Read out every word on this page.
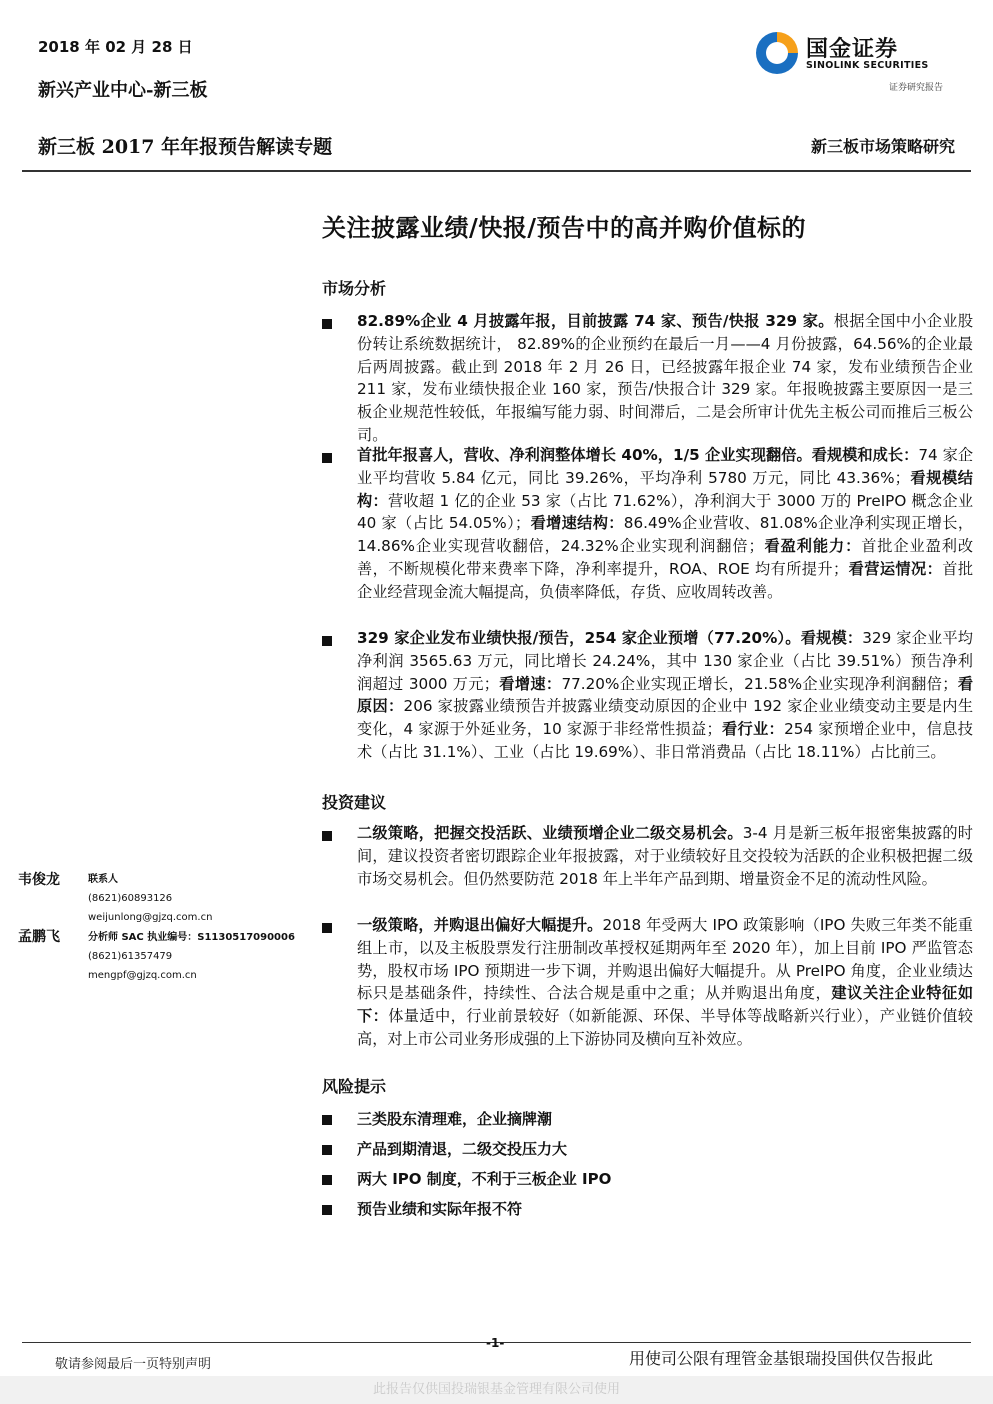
2018 年 02 月 28 日
新兴产业中心-新三板
新三板 2017 年年报预告解读专题	新三板市场策略研究
国金证券
SINOLINK SECURITIES
证券研究报告
关注披露业绩/快报/预告中的高并购价值标的
市场分析
82.89%企业 4 月披露年报，目前披露 74 家、预告/快报 329 家。根据全国中小企业股份转让系统数据统计， 82.89%的企业预约在最后一月——4 月份披露，64.56%的企业最后两周披露。截止到 2018 年 2 月 26 日，已经披露年报企业 74 家，发布业绩预告企业 211 家，发布业绩快报企业 160 家，预告/快报合计 329 家。年报晚披露主要原因一是三板企业规范性较低，年报编写能力弱、时间滞后，二是会所审计优先主板公司而推后三板公司。
首批年报喜人，营收、净利润整体增长 40%，1/5 企业实现翻倍。看规模和成长：74 家企业平均营收 5.84 亿元，同比 39.26%，平均净利 5780 万元，同比 43.36%；看规模结构：营收超 1 亿的企业 53 家（占比 71.62%），净利润大于 3000 万的 PreIPO 概念企业 40 家（占比 54.05%）；看增速结构：86.49%企业营收、81.08%企业净利实现正增长，14.86%企业实现营收翻倍，24.32%企业实现利润翻倍；看盈利能力：首批企业盈利改善，不断规模化带来费率下降，净利率提升，ROA、ROE 均有所提升；看营运情况：首批企业经营现金流大幅提高，负债率降低，存货、应收周转改善。
329 家企业发布业绩快报/预告，254 家企业预增（77.20%）。看规模：329 家企业平均净利润 3565.63 万元，同比增长 24.24%，其中 130 家企业（占比 39.51%）预告净利润超过 3000 万元；看增速：77.20%企业实现正增长，21.58%企业实现净利润翻倍；看原因：206 家披露业绩预告并披露业绩变动原因的企业中 192 家企业业绩变动主要是内生变化，4 家源于外延业务，10 家源于非经常性损益；看行业：254 家预增企业中，信息技术（占比 31.1%）、工业（占比 19.69%）、非日常消费品（占比 18.11%）占比前三。
投资建议
二级策略，把握交投活跃、业绩预增企业二级交易机会。3-4 月是新三板年报密集披露的时间，建议投资者密切跟踪企业年报披露，对于业绩较好且交投较为活跃的企业积极把握二级市场交易机会。但仍然要防范 2018 年上半年产品到期、增量资金不足的流动性风险。
一级策略，并购退出偏好大幅提升。2018 年受两大 IPO 政策影响（IPO 失败三年类不能重组上市，以及主板股票发行注册制改革授权延期两年至 2020 年），加上目前 IPO 严监管态势，股权市场 IPO 预期进一步下调，并购退出偏好大幅提升。从 PreIPO 角度，企业业绩达标只是基础条件，持续性、合法合规是重中之重；从并购退出角度，建议关注企业特征如下：体量适中，行业前景较好（如新能源、环保、半导体等战略新兴行业），产业链价值较高，对上市公司业务形成强的上下游协同及横向互补效应。
风险提示
三类股东清理难，企业摘牌潮
产品到期清退，二级交投压力大
两大 IPO 制度，不利于三板企业 IPO
预告业绩和实际年报不符
韦俊龙	联系人
(8621)60893126
weijunlong@gjzq.com.cn
孟鹏飞	分析师 SAC 执业编号：S1130517090006
(8621)61357479
mengpf@gjzq.com.cn
-1-
敬请参阅最后一页特别声明	用使司公限有理管金基银瑞投国供仅告报此
此报告仅供国投瑞银基金管理有限公司使用
